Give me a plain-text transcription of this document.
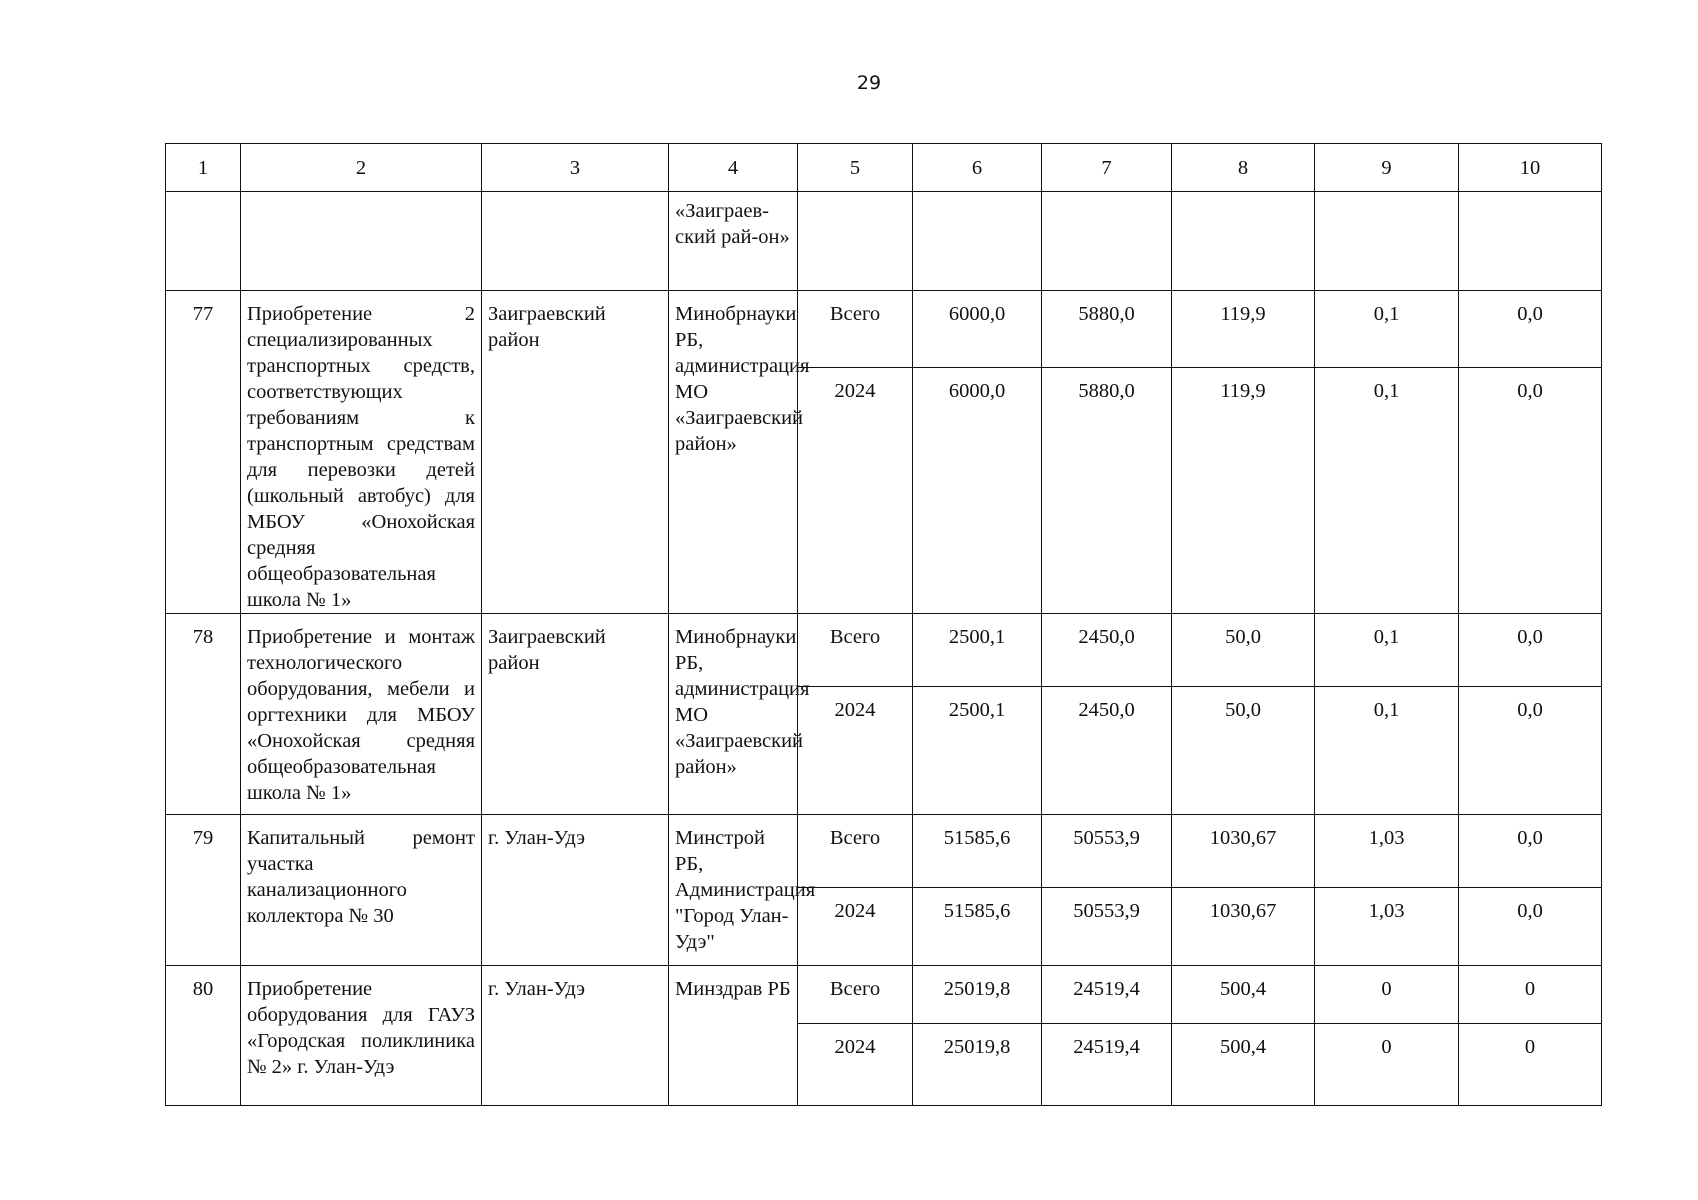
29
1	2	3	4	5	6	7	8	9	10
			«Заиграев-ский рай-он»						
77	Приобретение 2 специализированных транспортных средств, соответствующих требованиям к транспортным средствам для перевозки детей (школьный автобус) для МБОУ «Онохойская средняя общеобразовательная школа № 1»	Заиграевский район	Минобрнауки РБ, администрация МО «Заиграевский район»	Всего	6000,0	5880,0	119,9	0,1	0,0
				2024	6000,0	5880,0	119,9	0,1	0,0
78	Приобретение и монтаж технологического оборудования, мебели и оргтехники для МБОУ «Онохойская средняя общеобразовательная школа № 1»	Заиграевский район	Минобрнауки РБ, администрация МО «Заиграевский район»	Всего	2500,1	2450,0	50,0	0,1	0,0
				2024	2500,1	2450,0	50,0	0,1	0,0
79	Капитальный ремонт участка канализационного коллектора № 30	г. Улан-Удэ	Минстрой РБ, Администрация "Город Улан-Удэ"	Всего	51585,6	50553,9	1030,67	1,03	0,0
				2024	51585,6	50553,9	1030,67	1,03	0,0
80	Приобретение оборудования для ГАУЗ «Городская поликлиника № 2» г. Улан-Удэ	г. Улан-Удэ	Минздрав РБ	Всего	25019,8	24519,4	500,4	0	0
				2024	25019,8	24519,4	500,4	0	0
